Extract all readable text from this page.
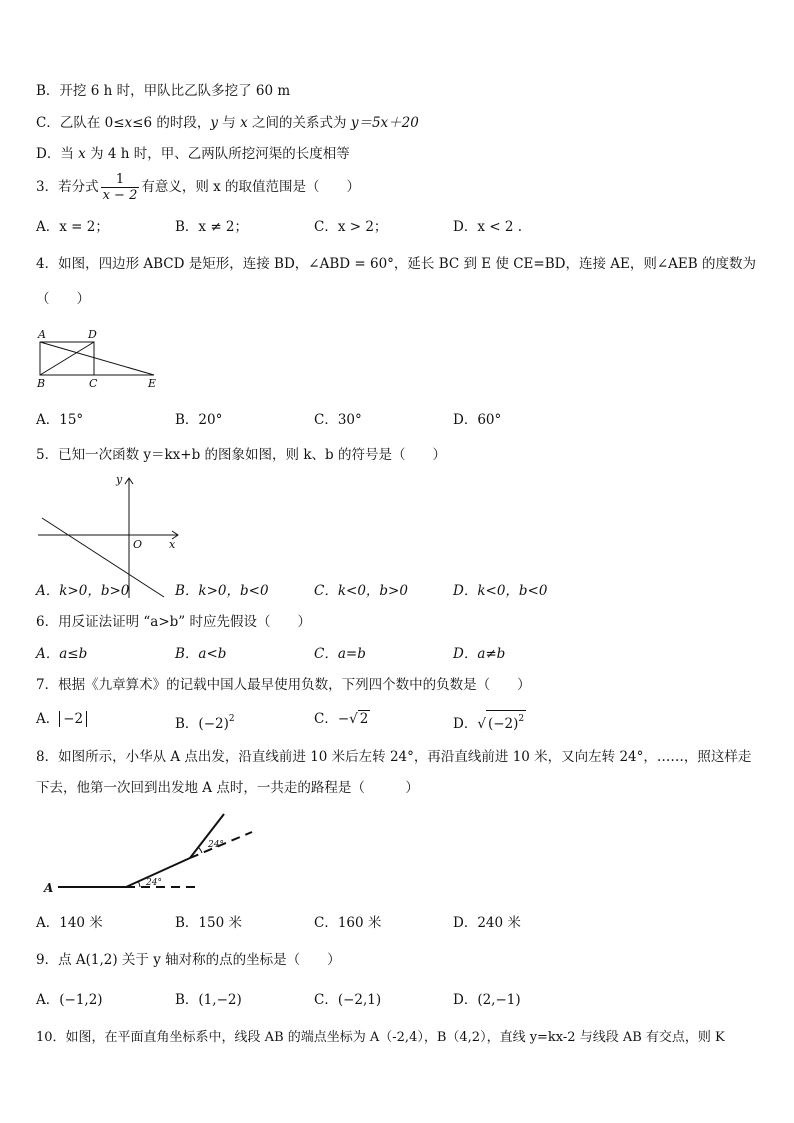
B．开挖 6 h 时，甲队比乙队多挖了 60 m
C．乙队在 0≤x≤6 的时段，y 与 x 之间的关系式为 y＝5x＋20
D．当 x 为 4 h 时，甲、乙两队所挖河渠的长度相等
3．若分式 $\frac{1}{x - 2}$ 有意义，则 x 的取值范围是（　　）
A．x = 2；	B．x ≠ 2；	C．x > 2；	D．x < 2 .
4．如图，四边形 ABCD 是矩形，连接 BD，∠ABD = 60°，延长 BC 到 E 使 CE=BD，连接 AE，则∠AEB 的度数为
（　　）
A	D
B	C	E
A．15°	B．20°	C．30°	D．60°
5．已知一次函数 y＝kx+b 的图象如图，则 k、b 的符号是（　　）
y
x
O
A．k>0，b>0	B．k>0，b<0	C．k<0，b>0	D．k<0，b<0
6．用反证法证明 “a>b” 时应先假设（　　）
A．a≤b	B．a<b	C．a=b	D．a≠b
7．根据《九章算术》的记载中国人最早使用负数，下列四个数中的负数是（　　）
A． −2	B．$(-2)^2$	C．−√ 2	D．√ $(-2)^2$
8．如图所示，小华从 A 点出发，沿直线前进 10 米后左转 24°，再沿直线前进 10 米，又向左转 24°，……，照这样走
下去，他第一次回到出发地 A 点时，一共走的路程是（　　　）
A	24°
24°
A．140 米	B．150 米	C．160 米	D．240 米
9．点 A(1,2) 关于 y 轴对称的点的坐标是（　　）
A．(−1,2)	B．(1,−2)	C．(−2,1)	D．(2,−1)
10．如图，在平面直角坐标系中，线段 AB 的端点坐标为 A（-2,4），B（4,2），直线 y=kx-2 与线段 AB 有交点，则 K
